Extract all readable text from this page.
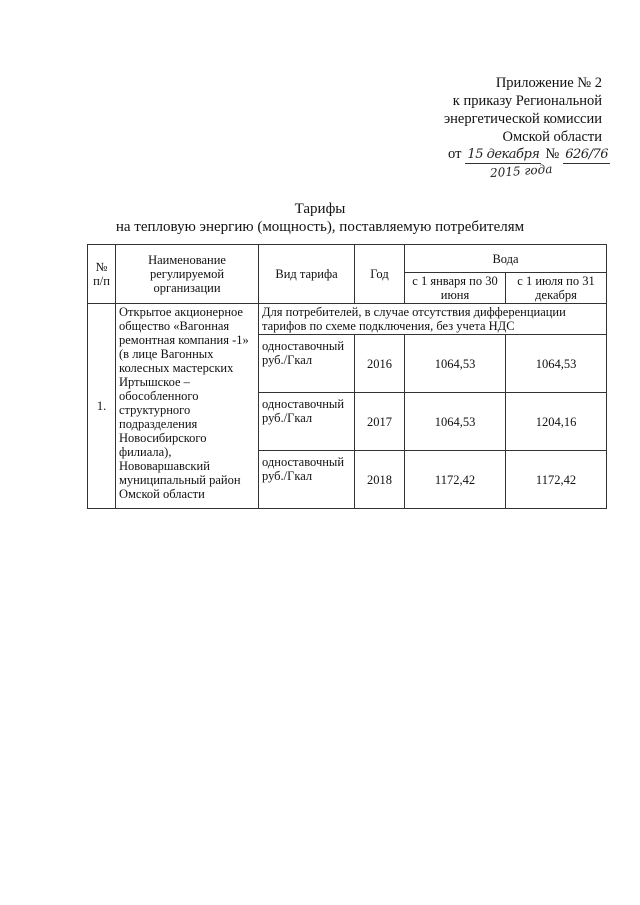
Приложение № 2
к приказу Региональной
энергетической комиссии
Омской области
от 15 декабря № 626/76
2015 года
Тарифы
на тепловую энергию (мощность), поставляемую потребителям
№ п/п	Наименование регулируемой организации	Вид тарифа	Год	Вода	
				с 1 января по 30 июня	с 1 июля по 31 декабря
1.	Открытое акционерное общество «Вагонная ремонтная компания -1» (в лице Вагонных колесных мастерских Иртышское – обособленного структурного подразделения Новосибирского филиала), Нововаршавский муниципальный район Омской области	Для потребителей, в случае отсутствия дифференциации тарифов по схеме подключения, без учета НДС			
		одноставочный руб./Гкал	2016	1064,53	1064,53
		одноставочный руб./Гкал	2017	1064,53	1204,16
		одноставочный руб./Гкал	2018	1172,42	1172,42
